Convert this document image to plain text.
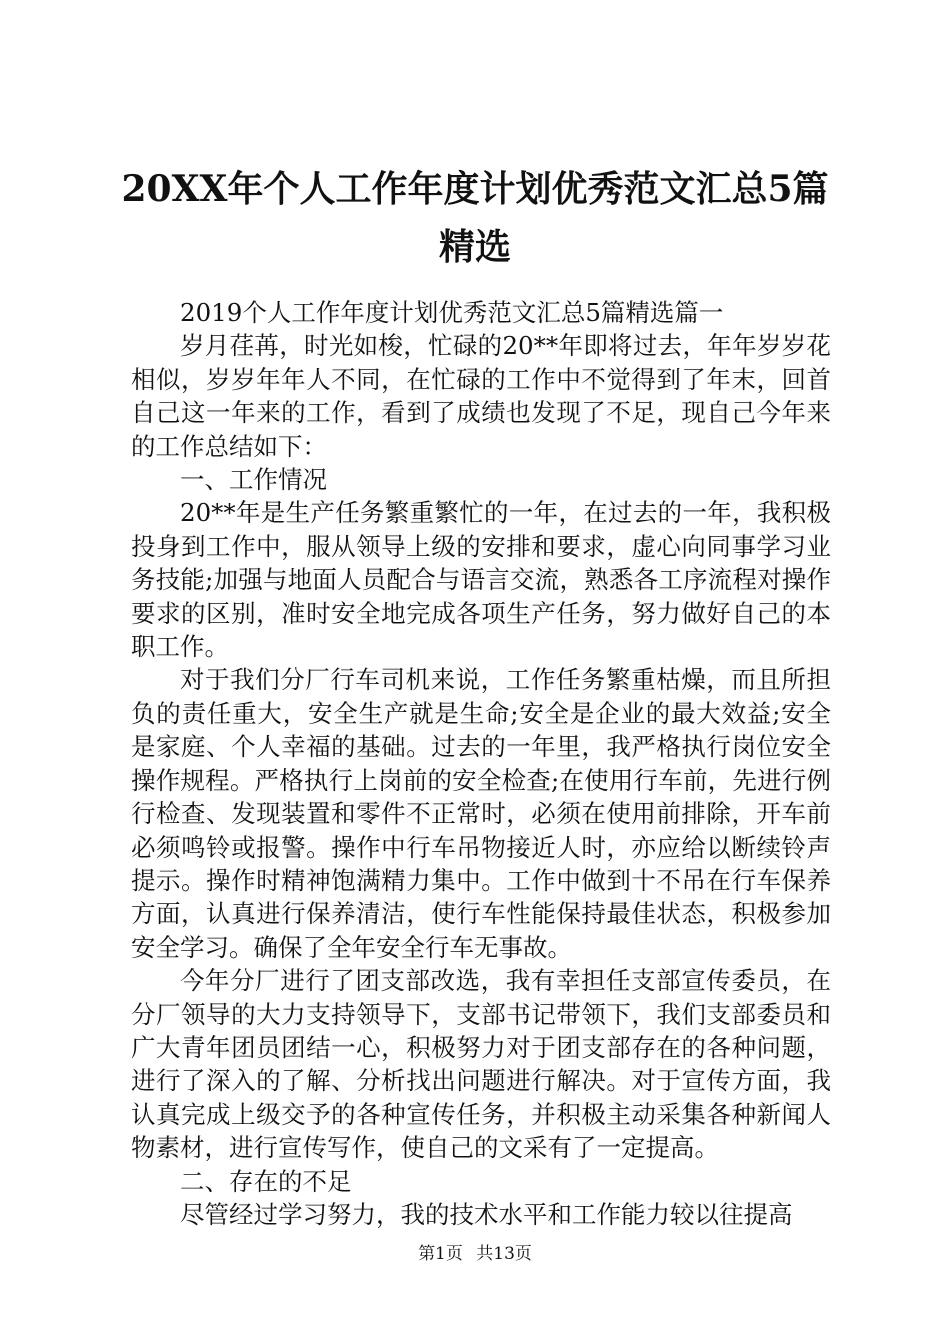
20XX年个人工作年度计划优秀范文汇总5篇精选

2019个人工作年度计划优秀范文汇总5篇精选篇一

岁月荏苒，时光如梭，忙碌的20**年即将过去，年年岁岁花相似，岁岁年年人不同，在忙碌的工作中不觉得到了年末，回首自己这一年来的工作，看到了成绩也发现了不足，现自己今年来的工作总结如下：

一、工作情况

20**年是生产任务繁重繁忙的一年，在过去的一年，我积极投身到工作中，服从领导上级的安排和要求，虚心向同事学习业务技能;加强与地面人员配合与语言交流，熟悉各工序流程对操作要求的区别，准时安全地完成各项生产任务，努力做好自己的本职工作。

对于我们分厂行车司机来说，工作任务繁重枯燥，而且所担负的责任重大，安全生产就是生命;安全是企业的最大效益;安全是家庭、个人幸福的基础。过去的一年里，我严格执行岗位安全操作规程。严格执行上岗前的安全检查;在使用行车前，先进行例行检查、发现装置和零件不正常时，必须在使用前排除，开车前必须鸣铃或报警。操作中行车吊物接近人时，亦应给以断续铃声提示。操作时精神饱满精力集中。工作中做到十不吊在行车保养方面，认真进行保养清洁，使行车性能保持最佳状态，积极参加安全学习。确保了全年安全行车无事故。

今年分厂进行了团支部改选，我有幸担任支部宣传委员，在分厂领导的大力支持领导下，支部书记带领下，我们支部委员和广大青年团员团结一心，积极努力对于团支部存在的各种问题，进行了深入的了解、分析找出问题进行解决。对于宣传方面，我认真完成上级交予的各种宣传任务，并积极主动采集各种新闻人物素材，进行宣传写作，使自己的文采有了一定提高。

二、存在的不足

尽管经过学习努力，我的技术水平和工作能力较以往提高

第1页 共13页
